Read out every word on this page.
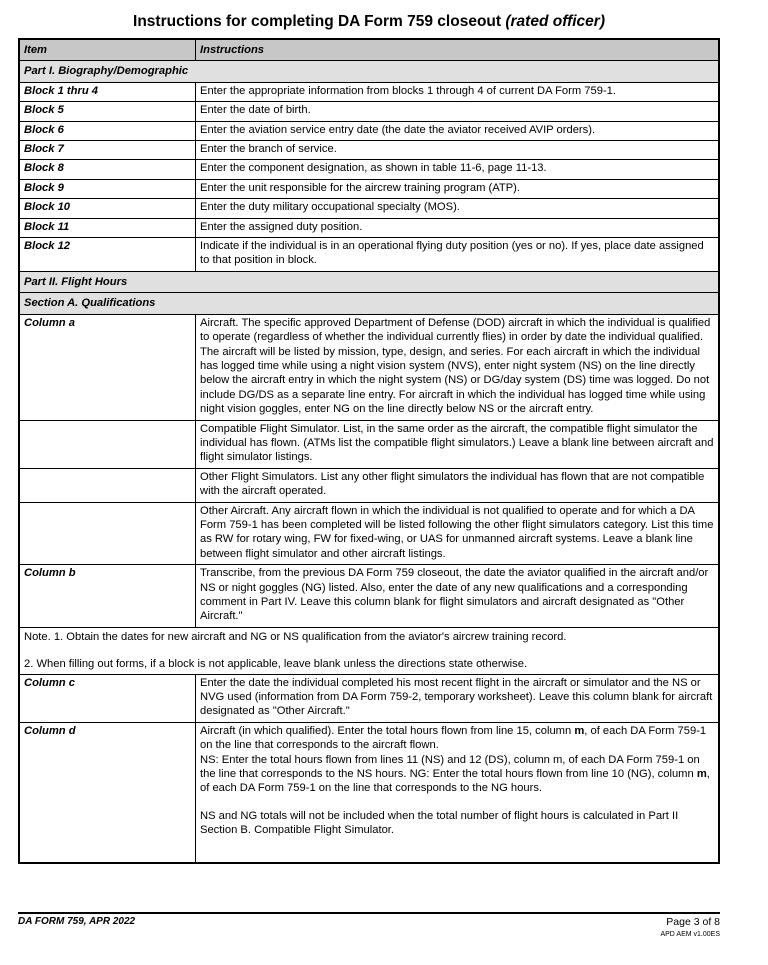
Instructions for completing DA Form 759 closeout (rated officer)
Item	Instructions
Part I. Biography/Demographic	
Block 1 thru 4	Enter the appropriate information from blocks 1 through 4 of current DA Form 759-1.
Block 5	Enter the date of birth.
Block 6	Enter the aviation service entry date (the date the aviator received AVIP orders).
Block 7	Enter the branch of service.
Block 8	Enter the component designation, as shown in table 11-6, page 11-13.
Block 9	Enter the unit responsible for the aircrew training program (ATP).
Block 10	Enter the duty military occupational specialty (MOS).
Block 11	Enter the assigned duty position.
Block 12	Indicate if the individual is in an operational flying duty position (yes or no). If yes, place date assigned to that position in block.
Part II. Flight Hours	
Section A. Qualifications	
Column a	Aircraft. The specific approved Department of Defense (DOD) aircraft in which the individual is qualified to operate (regardless of whether the individual currently flies) in order by date the individual qualified. The aircraft will be listed by mission, type, design, and series. For each aircraft in which the individual has logged time while using a night vision system (NVS), enter night system (NS) on the line directly below the aircraft entry in which the night system (NS) or DG/day system (DS) time was logged. Do not include DG/DS as a separate line entry. For aircraft in which the individual has logged time while using night vision goggles, enter NG on the line directly below NS or the aircraft entry.
	Compatible Flight Simulator. List, in the same order as the aircraft, the compatible flight simulator the individual has flown. (ATMs list the compatible flight simulators.) Leave a blank line between aircraft and flight simulator listings.
	Other Flight Simulators. List any other flight simulators the individual has flown that are not compatible with the aircraft operated.
	Other Aircraft. Any aircraft flown in which the individual is not qualified to operate and for which a DA Form 759-1 has been completed will be listed following the other flight simulators category. List this time as RW for rotary wing, FW for fixed-wing, or UAS for unmanned aircraft systems. Leave a blank line between flight simulator and other aircraft listings.
Column b	Transcribe, from the previous DA Form 759 closeout, the date the aviator qualified in the aircraft and/or NS or night goggles (NG) listed. Also, enter the date of any new qualifications and a corresponding comment in Part IV. Leave this column blank for flight simulators and aircraft designated as "Other Aircraft."

Note. 1. Obtain the dates for new aircraft and NG or NS qualification from the aviator's aircrew training record.

2. When filling out forms, if a block is not applicable, leave blank unless the directions state otherwise.	

Column c	Enter the date the individual completed his most recent flight in the aircraft or simulator and the NS or NVG used (information from DA Form 759-2, temporary worksheet). Leave this column blank for aircraft designated as "Other Aircraft."
Column d	Aircraft (in which qualified). Enter the total hours flown from line 15, column m, of each DA Form 759-1 on the line that corresponds to the aircraft flown.
NS: Enter the total hours flown from lines 11 (NS) and 12 (DS), column m, of each DA Form 759-1 on the line that corresponds to the NS hours. NG: Enter the total hours flown from line 10 (NG), column m, of each DA Form 759-1 on the line that corresponds to the NG hours.
NS and NG totals will not be included when the total number of flight hours is calculated in Part II Section B. Compatible Flight Simulator.
DA FORM 759, APR 2022	Page 3 of 8
APD AEM v1.00ES
